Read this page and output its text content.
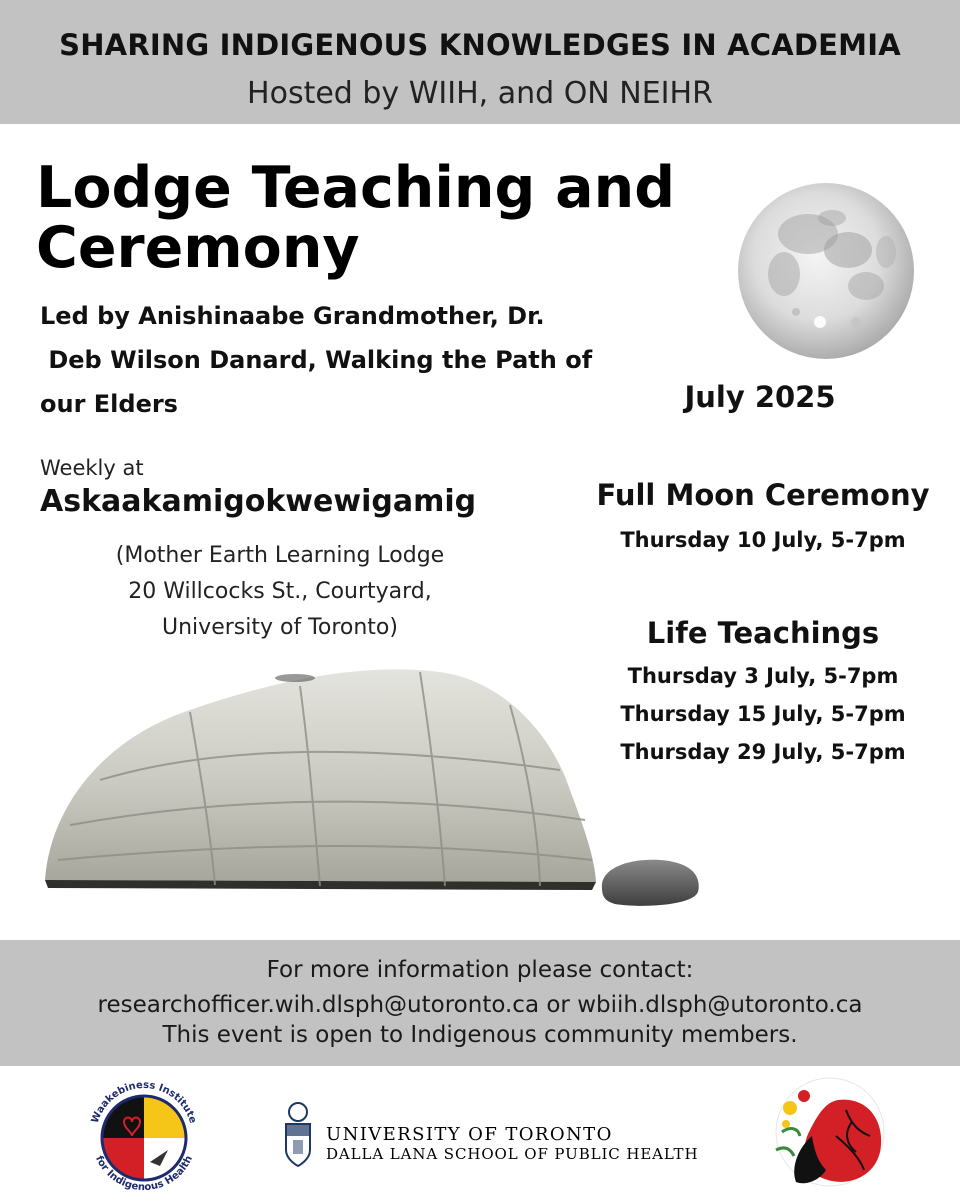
SHARING INDIGENOUS KNOWLEDGES IN ACADEMIA
Hosted by WIIH, and ON NEIHR
Lodge Teaching and
Ceremony
Led by Anishinaabe Grandmother, Dr.
Deb Wilson Danard, Walking the Path of
our Elders	July 2025
Weekly at
Askaakamigokwewigamig
(Mother Earth Learning Lodge
20 Willcocks St., Courtyard,
University of Toronto)
Full Moon Ceremony
Thursday 10 July, 5-7pm
Life Teachings
Thursday 3 July, 5-7pm
Thursday 15 July, 5-7pm
Thursday 29 July, 5-7pm
For more information please contact:
researchofficer.wih.dlsph@utoronto.ca or wbiih.dlsph@utoronto.ca
This event is open to Indigenous community members.
Waakebiness Institute
for Indigenous Health
UNIVERSITY OF TORONTO
DALLA LANA SCHOOL OF PUBLIC HEALTH
